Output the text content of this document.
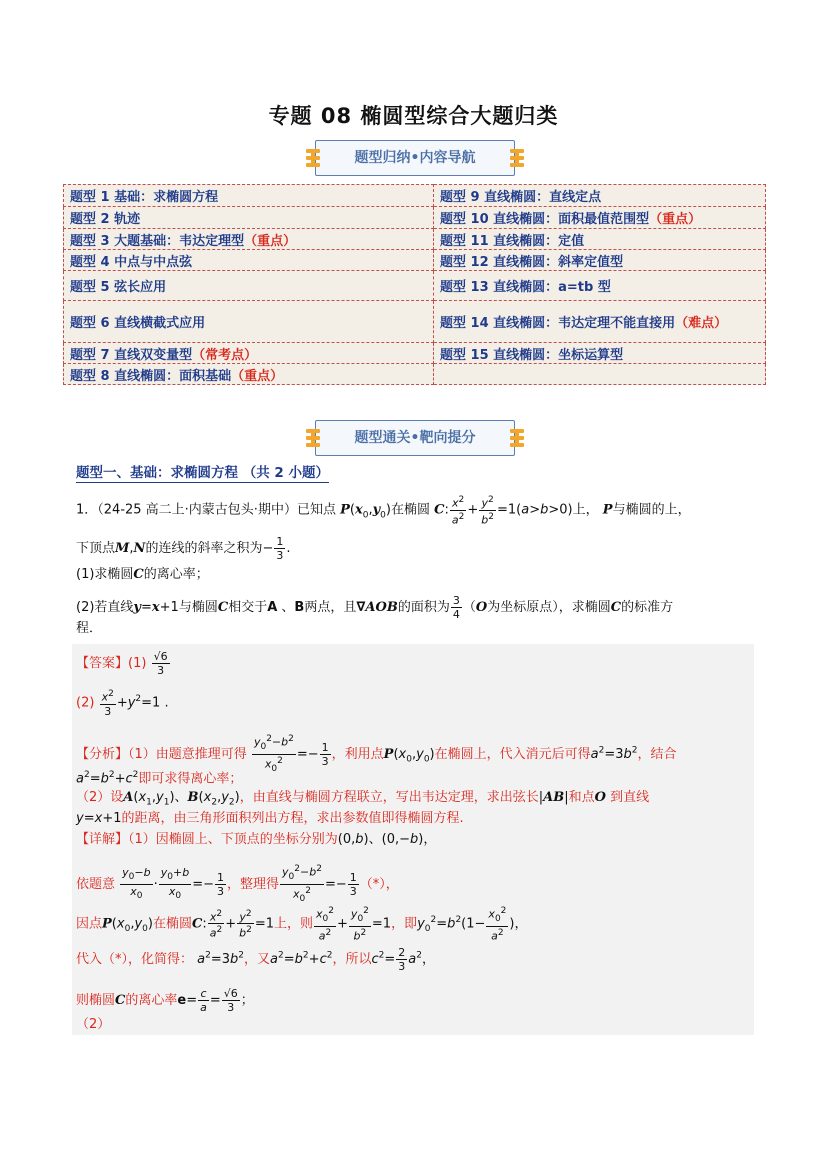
专题 08 椭圆型综合大题归类
题型归纳•内容导航
题型 1 基础：求椭圆方程	题型 9 直线椭圆：直线定点
题型 2 轨迹	题型 10 直线椭圆：面积最值范围型（重点）
题型 3 大题基础：韦达定理型（重点）	题型 11 直线椭圆：定值
题型 4 中点与中点弦	题型 12 直线椭圆：斜率定值型
题型 5 弦长应用	题型 13 直线椭圆：a=tb 型
题型 6 直线横截式应用	题型 14 直线椭圆：韦达定理不能直接用（难点）
题型 7 直线双变量型（常考点）	题型 15 直线椭圆：坐标运算型
题型 8 直线椭圆：面积基础（重点）	
题型通关•靶向提分
题型一、基础：求椭圆方程 （共 2 小题）
1．（24-25 高二上·内蒙古包头·期中）已知点 $P(x_0,y_0)$在椭圆 C: $\frac{x^2}{a^2} + \frac{y^2}{b^2} =1(a>b>0)$上， P与椭圆的上，
下顶点M,N的连线的斜率之积为− $\frac{1}{3}$ .
(1)求椭圆C的离心率；
(2)若直线y=x+1与椭圆C相交于A 、B两点，且∇AOB的面积为 $\frac{3}{4} (O$为坐标原点），求椭圆C的标准方
程．
【答案】$(1) \frac{√6}{3}$
$(2) \frac{x^2}{3} +y^2=1$ .
【分析】（1）由题意推理可得 $\frac{y_0^2-b^2}{x_0^2} =- \frac{1}{3}$ ，利用点$P(x_0,y_0)$在椭圆上，代入消元后可得$a^2=3b^2$，结合
$a^2=b^2+c^2$即可求得离心率；
（2）设$A(x_1,y_1)$、$B(x_2,y_2)$，由直线与椭圆方程联立，写出韦达定理，求出弦长|AB|和点O 到直线
y=x+1的距离，由三角形面积列出方程，求出参数值即得椭圆方程.
【详解】（1）因椭圆上、下顶点的坐标分别为(0,b)、(0,−b)，
依题意 $\frac{y_0-b}{x_0} \cdot \frac{y_0+b}{x_0} =- \frac{1}{3}$ ，整理得 $\frac{y_0^2-b^2}{x_0^2} =- \frac{1}{3}$ （*），
因点$P(x_0,y_0)$在椭圆C: $\frac{x^2}{a^2} + \frac{y^2}{b^2} =1$上，则 $\frac{x_0^2}{a^2} + \frac{y_0^2}{b^2} =1$，即$y_0^2=b^2(1- \frac{x_0^2}{a^2}$ )，
代入（*），化简得： $a^2=3b^2$，又$a^2=b^2+c^2$，所以$c^2= \frac{2}{3} a^2$，
则椭圆C的离心率$e= \frac{c}{a} = \frac{√6}{3}$ ；
（2）
